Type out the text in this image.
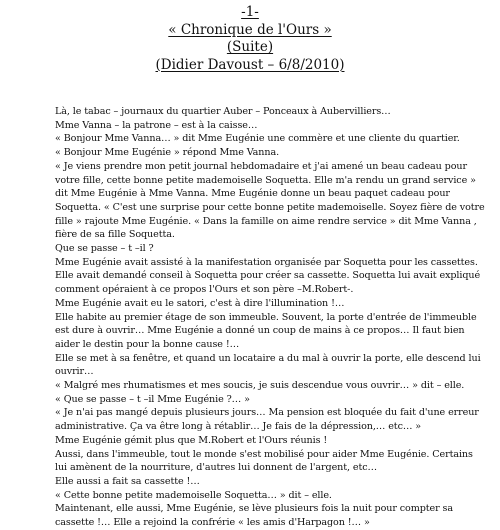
-1-
« Chronique de l'Ours »
(Suite)
(Didier Davoust – 6/8/2010)
Là, le tabac – journaux du quartier Auber – Ponceaux à Aubervilliers…
Mme Vanna – la patrone – est à la caisse…
« Bonjour Mme Vanna… » dit Mme Eugénie une commère et une cliente du quartier.
« Bonjour Mme Eugénie » répond Mme Vanna.
« Je viens prendre mon petit journal hebdomadaire et j'ai amené un beau cadeau pour
votre fille, cette bonne petite mademoiselle Soquetta. Elle m'a rendu un grand service »
dit Mme Eugénie à Mme Vanna. Mme Eugénie donne un beau paquet cadeau pour
Soquetta. « C'est une surprise pour cette bonne petite mademoiselle. Soyez fière de votre
fille » rajoute Mme Eugénie. « Dans la famille on aime rendre service » dit Mme Vanna ,
fière de sa fille Soquetta.
Que se passe – t –il ?
Mme Eugénie avait assisté à la manifestation organisée par Soquetta pour les cassettes.
Elle avait demandé conseil à Soquetta pour créer sa cassette. Soquetta lui avait expliqué
comment opéraient à ce propos l'Ours et son père –M.Robert-.
Mme Eugénie avait eu le satori, c'est à dire l'illumination !…
Elle habite au premier étage de son immeuble. Souvent, la porte d'entrée de l'immeuble
est dure à ouvrir… Mme Eugénie a donné un coup de mains à ce propos… Il faut bien
aider le destin pour la bonne cause !…
Elle se met à sa fenêtre, et quand un locataire a du mal à ouvrir la porte, elle descend lui
ouvrir…
« Malgré mes rhumatismes et mes soucis, je suis descendue vous ouvrir… » dit – elle.
« Que se passe – t –il Mme Eugénie ?… »
« Je n'ai pas mangé depuis plusieurs jours… Ma pension est bloquée du fait d'une erreur
administrative. Ça va être long à rétablir… Je fais de la dépression,… etc… »
Mme Eugénie gémit plus que M.Robert et l'Ours réunis !
Aussi, dans l'immeuble, tout le monde s'est mobilisé pour aider Mme Eugénie. Certains
lui amènent de la nourriture, d'autres lui donnent de l'argent, etc…
Elle aussi a fait sa cassette !…
« Cette bonne petite mademoiselle Soquetta… » dit – elle.
Maintenant, elle aussi, Mme Eugénie, se lève plusieurs fois la nuit pour compter sa
cassette !… Elle a rejoind la confrérie « les amis d'Harpagon !… »
